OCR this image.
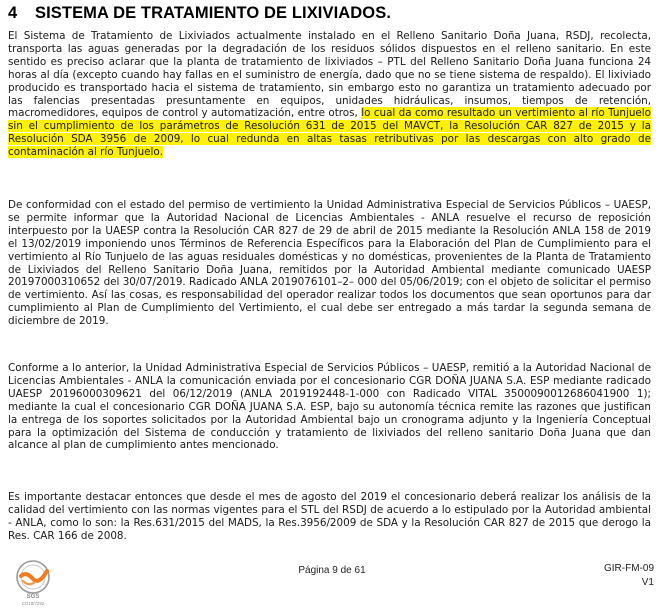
4 SISTEMA DE TRATAMIENTO DE LIXIVIADOS.

El Sistema de Tratamiento de Lixiviados actualmente instalado en el Relleno Sanitario Doña Juana, RSDJ, recolecta, transporta las aguas generadas por la degradación de los residuos sólidos dispuestos en el relleno sanitario. En este sentido es preciso aclarar que la planta de tratamiento de lixiviados – PTL del Relleno Sanitario Doña Juana funciona 24 horas al día (excepto cuando hay fallas en el suministro de energía, dado que no se tiene sistema de respaldo). El lixiviado producido es transportado hacia el sistema de tratamiento, sin embargo esto no garantiza un tratamiento adecuado por las falencias presentadas presuntamente en equipos, unidades hidráulicas, insumos, tiempos de retención, macromedidores, equipos de control y automatización, entre otros, lo cual da como resultado un vertimiento al río Tunjuelo sin el cumplimiento de los parámetros de Resolución 631 de 2015 del MAVCT, la Resolución CAR 827 de 2015 y la Resolución SDA 3956 de 2009, lo cual redunda en altas tasas retributivas por las descargas con alto grado de contaminación al río Tunjuelo.

De conformidad con el estado del permiso de vertimiento la Unidad Administrativa Especial de Servicios Públicos – UAESP, se permite informar que la Autoridad Nacional de Licencias Ambientales - ANLA resuelve el recurso de reposición interpuesto por la UAESP contra la Resolución CAR 827 de 29 de abril de 2015 mediante la Resolución ANLA 158 de 2019 el 13/02/2019 imponiendo unos Términos de Referencia Específicos para la Elaboración del Plan de Cumplimiento para el vertimiento al Río Tunjuelo de las aguas residuales domésticas y no domésticas, provenientes de la Planta de Tratamiento de Lixiviados del Relleno Sanitario Doña Juana, remitidos por la Autoridad Ambiental mediante comunicado UAESP 20197000310652 del 30/07/2019. Radicado ANLA 2019076101–2– 000 del 05/06/2019; con el objeto de solicitar el permiso de vertimiento. Así las cosas, es responsabilidad del operador realizar todos los documentos que sean oportunos para dar cumplimiento al Plan de Cumplimiento del Vertimiento, el cual debe ser entregado a más tardar la segunda semana de diciembre de 2019.

Conforme a lo anterior, la Unidad Administrativa Especial de Servicios Públicos – UAESP, remitió a la Autoridad Nacional de Licencias Ambientales - ANLA la comunicación enviada por el concesionario CGR DOÑA JUANA S.A. ESP mediante radicado UAESP 20196000309621 del 06/12/2019 (ANLA 2019192448-1-000 con Radicado VITAL 3500090012686041900 1); mediante la cual el concesionario CGR DOÑA JUANA S.A. ESP, bajo su autonomía técnica remite las razones que justifican la entrega de los soportes solicitados por la Autoridad Ambiental bajo un cronograma adjunto y la Ingeniería Conceptual para la optimización del Sistema de conducción y tratamiento de lixiviados del relleno sanitario Doña Juana que dan alcance al plan de cumplimiento antes mencionado.

Es importante destacar entonces que desde el mes de agosto del 2019 el concesionario deberá realizar los análisis de la calidad del vertimiento con las normas vigentes para el STL del RSDJ de acuerdo a lo estipulado por la Autoridad ambiental - ANLA, como lo son: la Res.631/2015 del MADS, la Res.3956/2009 de SDA y la Resolución CAR 827 de 2015 que derogo la Res. CAR 166 de 2008.

SGS
CO18/7292
Página 9 de 61	GIR-FM-09
V1
